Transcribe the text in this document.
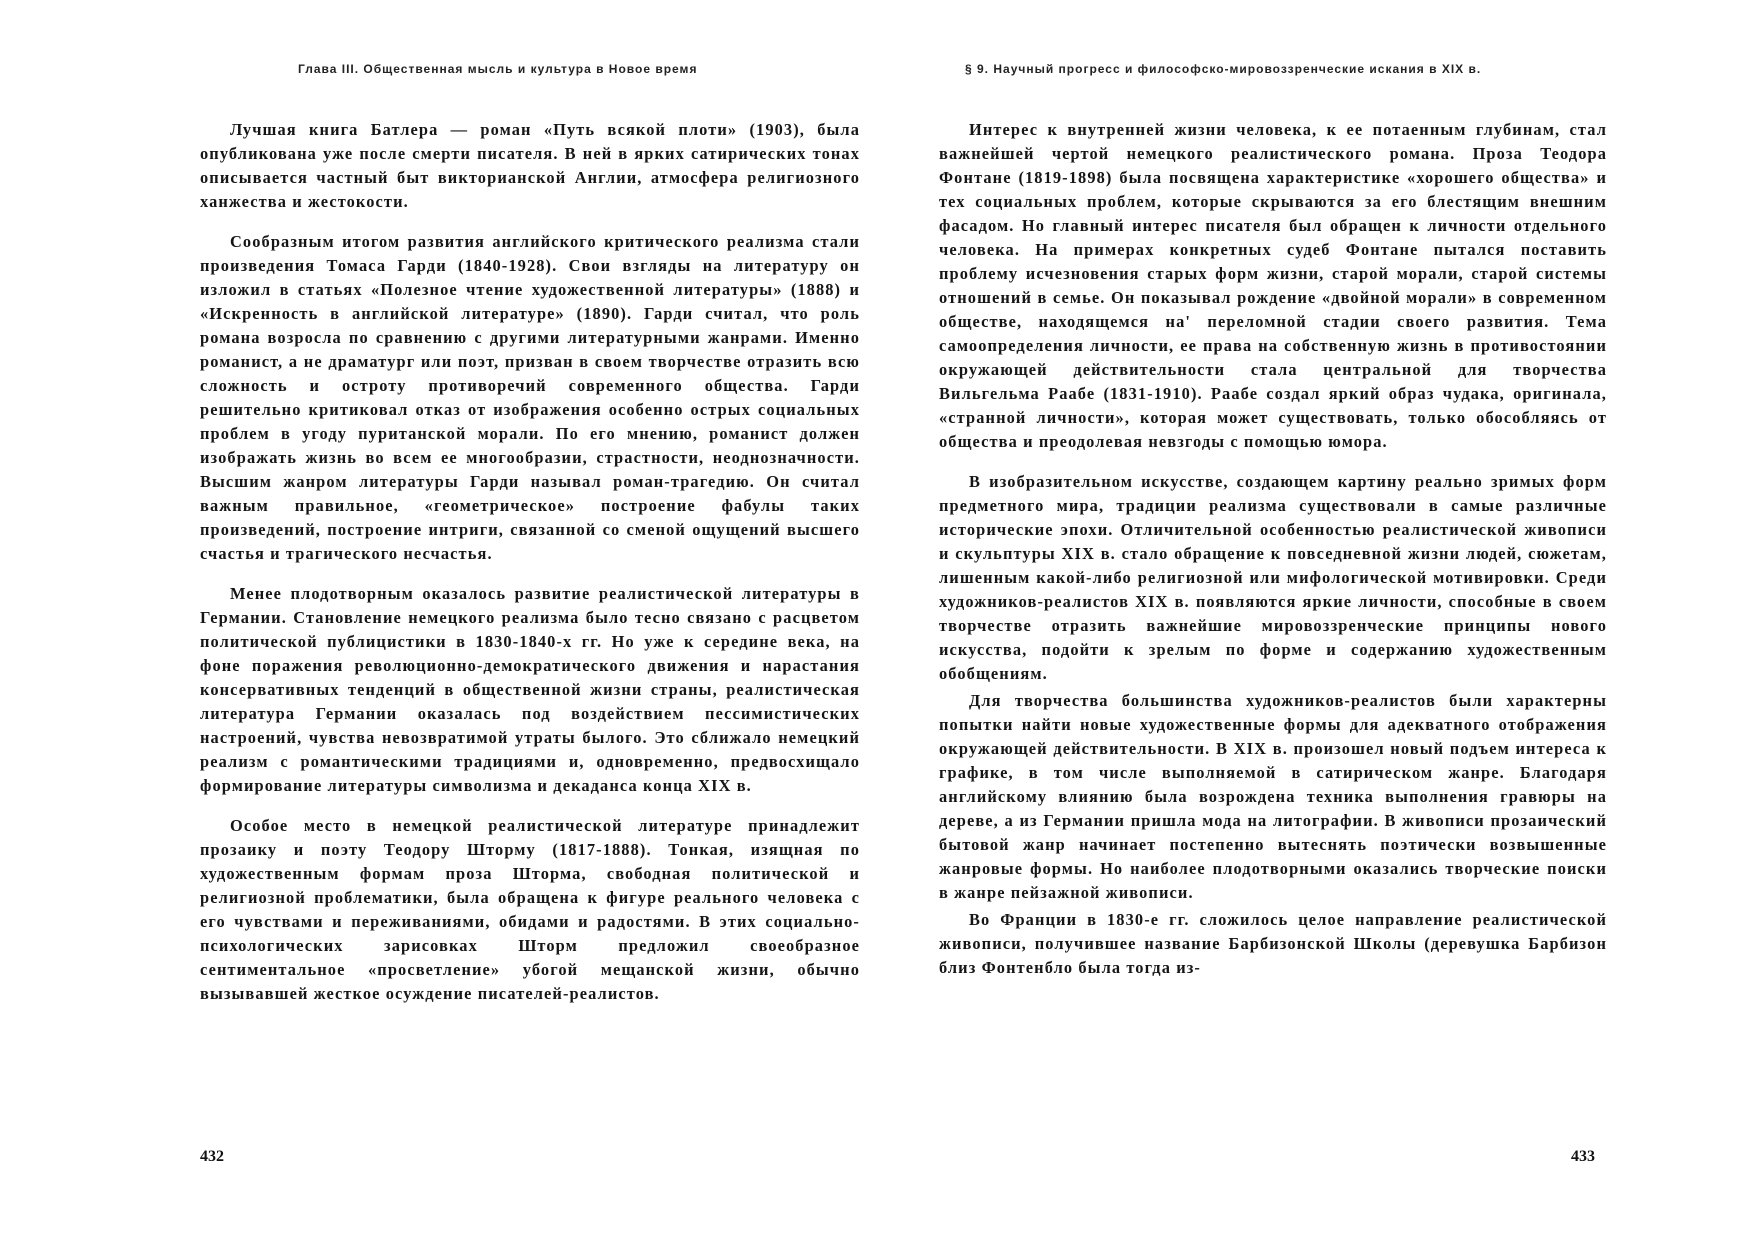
Глава III. Общественная мысль и культура в Новое время

Лучшая книга Батлера — роман «Путь всякой плоти» (1903), была опубликована уже после смерти писателя. В ней в ярких сатирических тонах описывается частный быт викторианской Англии, атмосфера религиозного ханжества и жестокости.

Сообразным итогом развития английского критического реализма стали произведения Томаса Гарди (1840-1928). Свои взгляды на литературу он изложил в статьях «Полезное чтение художественной литературы» (1888) и «Искренность в английской литературе» (1890). Гарди считал, что роль романа возросла по сравнению с другими литературными жанрами. Именно романист, а не драматург или поэт, призван в своем творчестве отразить всю сложность и остроту противоречий современного общества. Гарди решительно критиковал отказ от изображения особенно острых социальных проблем в угоду пуританской морали. По его мнению, романист должен изображать жизнь во всем ее многообразии, страстности, неоднозначности. Высшим жанром литературы Гарди называл роман-трагедию. Он считал важным правильное, «геометрическое» построение фабулы таких произведений, построение интриги, связанной со сменой ощущений высшего счастья и трагического несчастья.

Менее плодотворным оказалось развитие реалистической литературы в Германии. Становление немецкого реализма было тесно связано с расцветом политической публицистики в 1830-1840-х гг. Но уже к середине века, на фоне поражения революционно-демократического движения и нарастания консервативных тенденций в общественной жизни страны, реалистическая литература Германии оказалась под воздействием пессимистических настроений, чувства невозвратимой утраты былого. Это сближало немецкий реализм с романтическими традициями и, одновременно, предвосхищало формирование литературы символизма и декаданса конца XIX в.

Особое место в немецкой реалистической литературе принадлежит прозаику и поэту Теодору Шторму (1817-1888). Тонкая, изящная по художественным формам проза Шторма, свободная политической и религиозной проблематики, была обращена к фигуре реального человека с его чувствами и переживаниями, обидами и радостями. В этих социально-психологических зарисовках Шторм предложил своеобразное сентиментальное «просветление» убогой мещанской жизни, обычно вызывавшей жесткое осуждение писателей-реалистов.

432
§ 9. Научный прогресс и философско-мировоззренческие искания в XIX в.

Интерес к внутренней жизни человека, к ее потаенным глубинам, стал важнейшей чертой немецкого реалистического романа. Проза Теодора Фонтане (1819-1898) была посвящена характеристике «хорошего общества» и тех социальных проблем, которые скрываются за его блестящим внешним фасадом. Но главный интерес писателя был обращен к личности отдельного человека. На примерах конкретных судеб Фонтане пытался поставить проблему исчезновения старых форм жизни, старой морали, старой системы отношений в семье. Он показывал рождение «двойной морали» в современном обществе, находящемся на' переломной стадии своего развития. Тема самоопределения личности, ее права на собственную жизнь в противостоянии окружающей действительности стала центральной для творчества Вильгельма Раабе (1831-1910). Раабе создал яркий образ чудака, оригинала, «странной личности», которая может существовать, только обособляясь от общества и преодолевая невзгоды с помощью юмора.

В изобразительном искусстве, создающем картину реально зримых форм предметного мира, традиции реализма существовали в самые различные исторические эпохи. Отличительной особенностью реалистической живописи и скульптуры XIX в. стало обращение к повседневной жизни людей, сюжетам, лишенным какой-либо религиозной или мифологической мотивировки. Среди художников-реалистов XIX в. появляются яркие личности, способные в своем творчестве отразить важнейшие мировоззренческие принципы нового искусства, подойти к зрелым по форме и содержанию художественным обобщениям.

Для творчества большинства художников-реалистов были характерны попытки найти новые художественные формы для адекватного отображения окружающей действительности. В XIX в. произошел новый подъем интереса к графике, в том числе выполняемой в сатирическом жанре. Благодаря английскому влиянию была возрождена техника выполнения гравюры на дереве, а из Германии пришла мода на литографии. В живописи прозаический бытовой жанр начинает постепенно вытеснять поэтически возвышенные жанровые формы. Но наиболее плодотворными оказались творческие поиски в жанре пейзажной живописи.

Во Франции в 1830-е гг. сложилось целое направление реалистической живописи, получившее название Барбизонской Школы (деревушка Барбизон близ Фонтенбло была тогда из-

433
